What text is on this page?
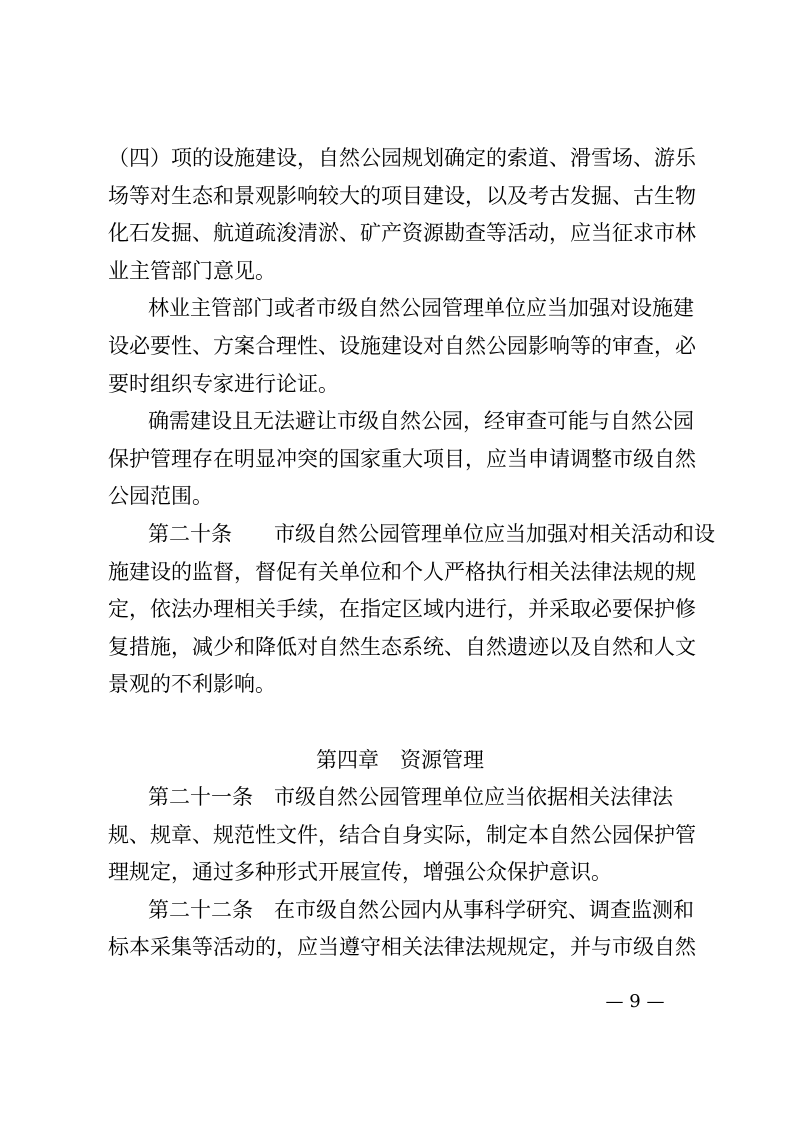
（四）项的设施建设，自然公园规划确定的索道、滑雪场、游乐
场等对生态和景观影响较大的项目建设，以及考古发掘、古生物
化石发掘、航道疏浚清淤、矿产资源勘查等活动，应当征求市林
业主管部门意见。
林业主管部门或者市级自然公园管理单位应当加强对设施建
设必要性、方案合理性、设施建设对自然公园影响等的审查，必
要时组织专家进行论证。
确需建设且无法避让市级自然公园，经审查可能与自然公园
保护管理存在明显冲突的国家重大项目，应当申请调整市级自然
公园范围。
第二十条　　 市级自然公园管理单位应当加强对相关活动和设
施建设的监督，督促有关单位和个人严格执行相关法律法规的规
定，依法办理相关手续，在指定区域内进行，并采取必要保护修
复措施，减少和降低对自然生态系统、自然遗迹以及自然和人文
景观的不利影响。
第四章　 资源管理
第二十一条　 市级自然公园管理单位应当依据相关法律法
规、规章、规范性文件，结合自身实际，制定本自然公园保护管
理规定，通过多种形式开展宣传，增强公众保护意识。
第二十二条　 在市级自然公园内从事科学研究、调查监测和
标本采集等活动的，应当遵守相关法律法规规定，并与市级自然
— 9 —
